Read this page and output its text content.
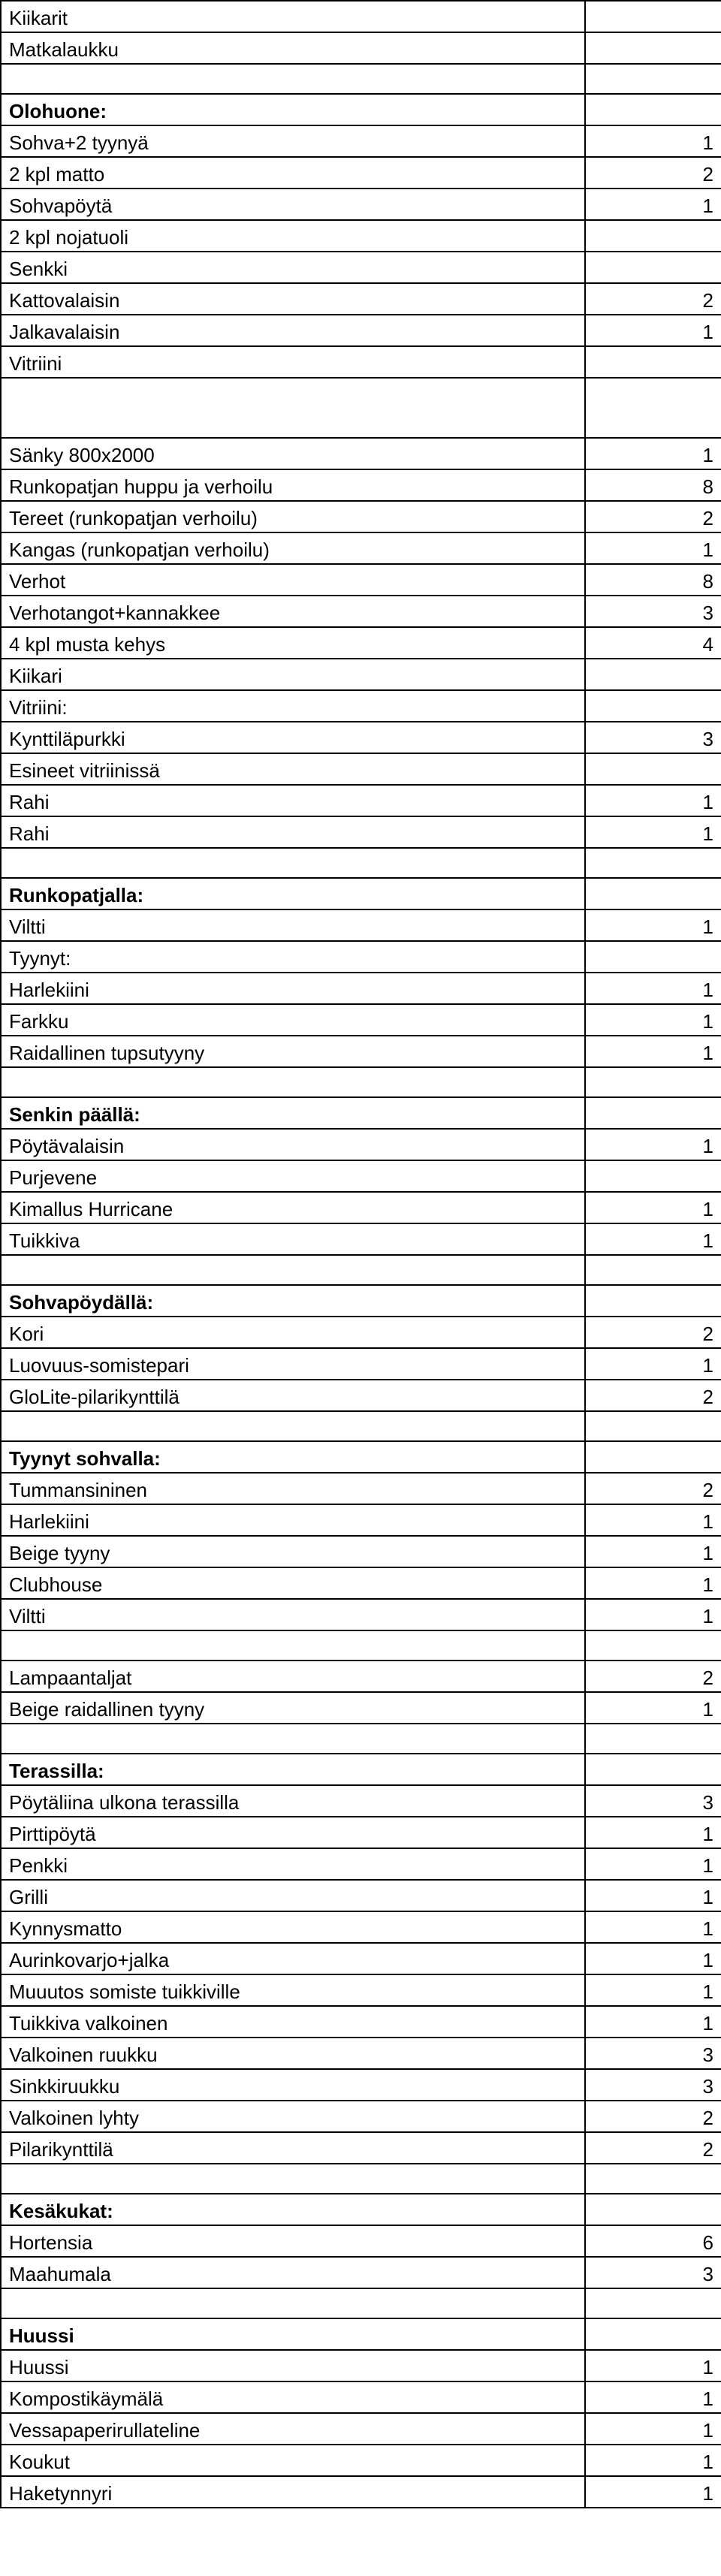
Kiikarit	
Matkalaukku	

Olohuone:	
Sohva+2 tyynyä	1
2 kpl matto	2
Sohvapöytä	1
2 kpl nojatuoli	
Senkki	
Kattovalaisin	2
Jalkavalaisin	1
Vitriini	

Sänky 800x2000	1
Runkopatjan huppu ja verhoilu	8
Tereet (runkopatjan verhoilu)	2
Kangas (runkopatjan verhoilu)	1
Verhot	8
Verhotangot+kannakkee	3
4 kpl musta kehys	4
Kiikari	
Vitriini:	
Kynttiläpurkki	3
Esineet vitriinissä	
Rahi	1
Rahi	1

Runkopatjalla:	
Viltti	1
Tyynyt:	
Harlekiini	1
Farkku	1
Raidallinen tupsutyyny	1

Senkin päällä:	
Pöytävalaisin	1
Purjevene	
Kimallus Hurricane	1
Tuikkiva	1

Sohvapöydällä:	
Kori	2
Luovuus-somistepari	1
GloLite-pilarikynttilä	2

Tyynyt sohvalla:	
Tummansininen	2
Harlekiini	1
Beige tyyny	1
Clubhouse	1
Viltti	1

Lampaantaljat	2
Beige raidallinen tyyny	1

Terassilla:	
Pöytäliina ulkona terassilla	3
Pirttipöytä	1
Penkki	1
Grilli	1
Kynnysmatto	1
Aurinkovarjo+jalka	1
Muuutos somiste tuikkiville	1
Tuikkiva valkoinen	1
Valkoinen ruukku	3
Sinkkiruukku	3
Valkoinen lyhty	2
Pilarikynttilä	2

Kesäkukat:	
Hortensia	6
Maahumala	3

Huussi	
Huussi	1
Kompostikäymälä	1
Vessapaperirullateline	1
Koukut	1
Haketynnyri	1
